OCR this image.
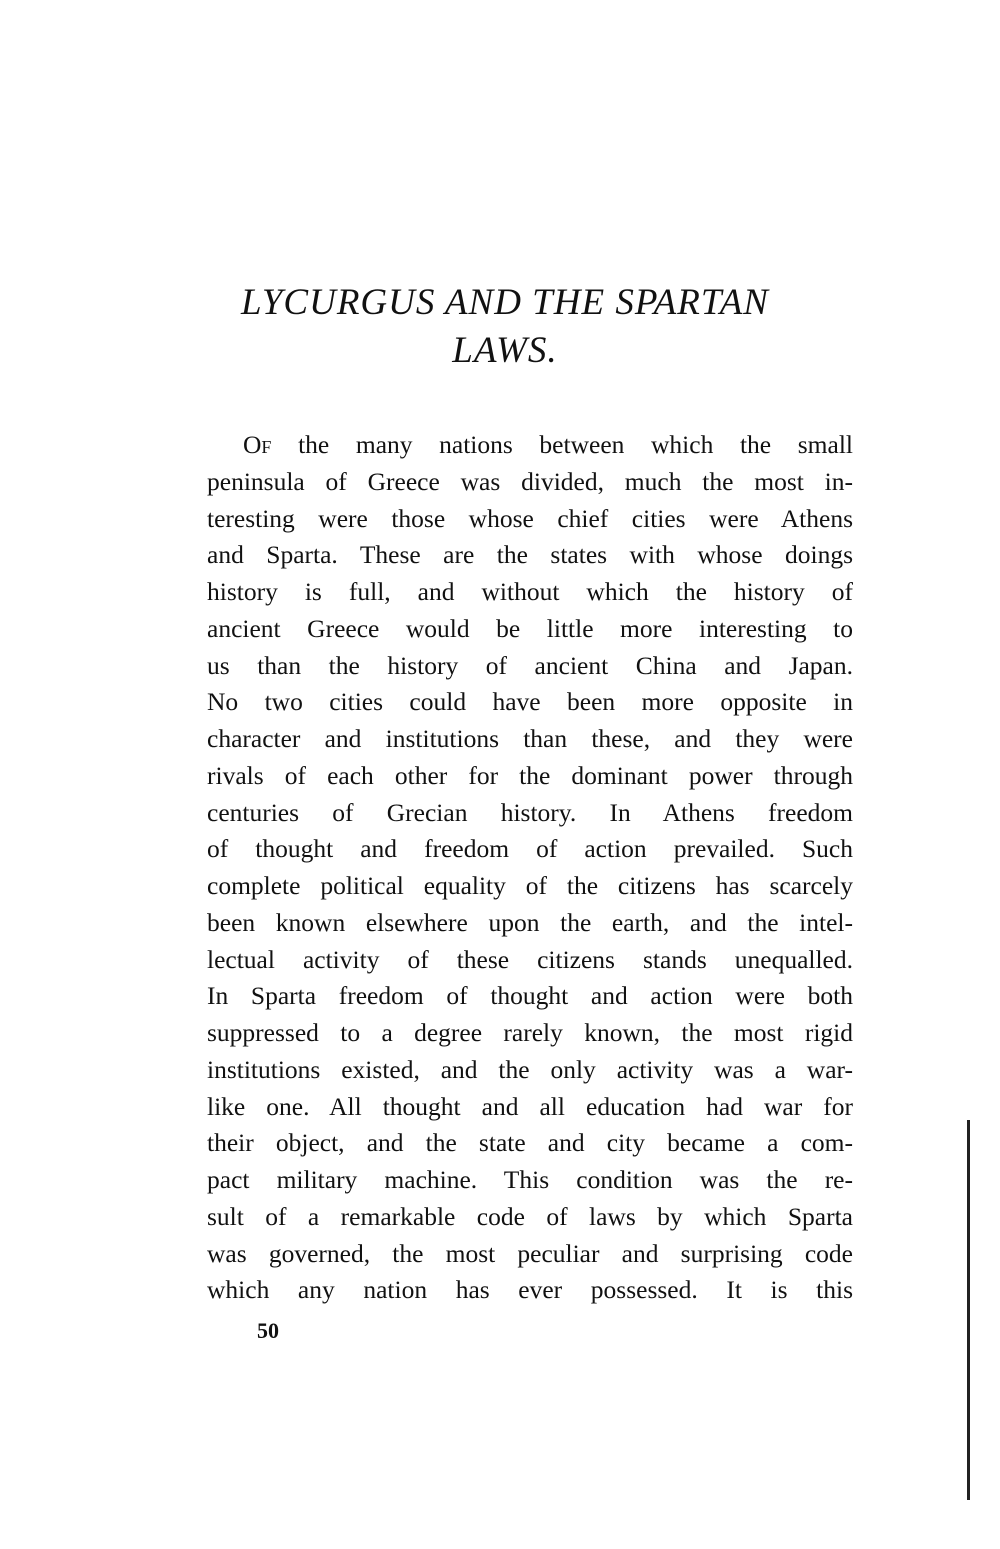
LYCURGUS AND THE SPARTAN
LAWS.
Of the many nations between which the small
peninsula of Greece was divided, much the most in-
teresting were those whose chief cities were Athens
and Sparta. These are the states with whose doings
history is full, and without which the history of
ancient Greece would be little more interesting to
us than the history of ancient China and Japan.
No two cities could have been more opposite in
character and institutions than these, and they were
rivals of each other for the dominant power through
centuries of Grecian history. In Athens freedom
of thought and freedom of action prevailed. Such
complete political equality of the citizens has scarcely
been known elsewhere upon the earth, and the intel-
lectual activity of these citizens stands unequalled.
In Sparta freedom of thought and action were both
suppressed to a degree rarely known, the most rigid
institutions existed, and the only activity was a war-
like one. All thought and all education had war for
their object, and the state and city became a com-
pact military machine. This condition was the re-
sult of a remarkable code of laws by which Sparta
was governed, the most peculiar and surprising code
which any nation has ever possessed. It is this
50
